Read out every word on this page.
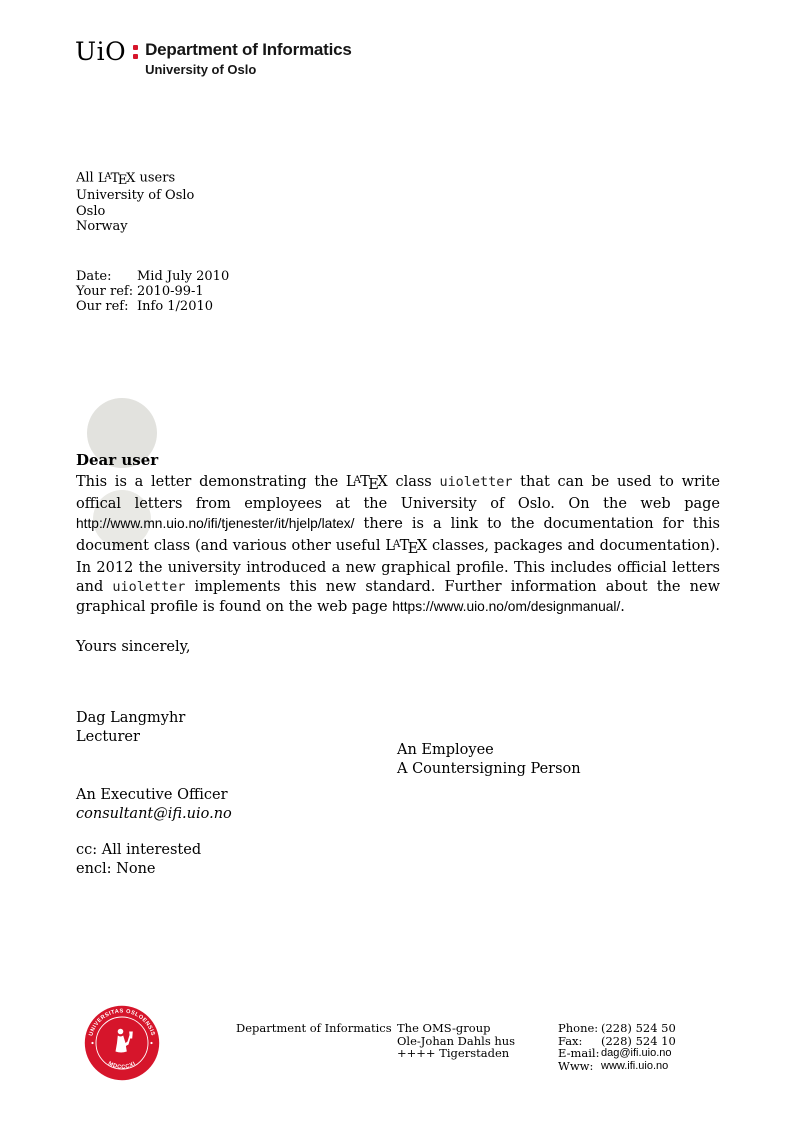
UiO Department of Informatics
University of Oslo
All LATEX users
University of Oslo
Oslo
Norway
Date:	Mid July 2010
Your ref: 2010-99-1
Our ref: Info 1/2010
Dear user

This is a letter demonstrating the LATEX class uioletter that can be used to write offical letters from employees at the University of Oslo. On the web page http://www.mn.uio.no/ifi/tjenester/it/hjelp/latex/ there is a link to the documentation for this document class (and various other useful LATEX classes, packages and documentation). In 2012 the university introduced a new graphical profile. This includes official letters and uioletter implements this new standard. Further information about the new graphical profile is found on the web page https://www.uio.no/om/designmanual/.

Yours sincerely,
Dag Langmyhr
Lecturer
An Employee
A Countersigning Person
An Executive Officer
consultant@ifi.uio.no
cc: All interested
encl: None
UNIVERSITAS OSLOENSIS
MDCCCXI
Department of Informatics The OMS-group
Ole-Johan Dahls hus
++++ Tigerstaden
Phone: (228) 524 50
Fax:	(228) 524 10
E-mail: dag@ifi.uio.no
Www: www.ifi.uio.no
